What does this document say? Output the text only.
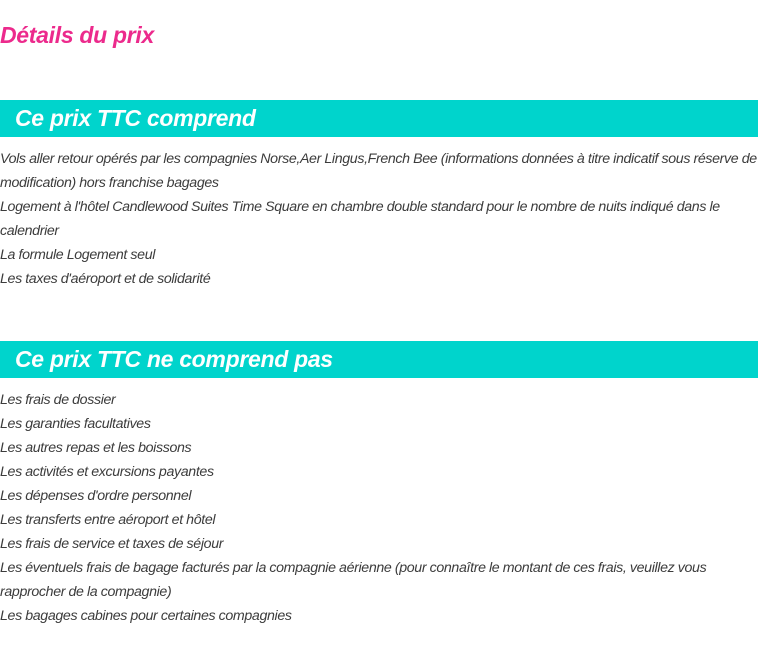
Détails du prix
Ce prix TTC comprend
Vols aller retour opérés par les compagnies Norse,Aer Lingus,French Bee (informations données à titre indicatif sous réserve de modification) hors franchise bagages
Logement à l'hôtel Candlewood Suites Time Square en chambre double standard pour le nombre de nuits indiqué dans le calendrier
La formule Logement seul
Les taxes d'aéroport et de solidarité
Ce prix TTC ne comprend pas
Les frais de dossier
Les garanties facultatives
Les autres repas et les boissons
Les activités et excursions payantes
Les dépenses d'ordre personnel
Les transferts entre aéroport et hôtel
Les frais de service et taxes de séjour
Les éventuels frais de bagage facturés par la compagnie aérienne (pour connaître le montant de ces frais, veuillez vous rapprocher de la compagnie)
Les bagages cabines pour certaines compagnies
